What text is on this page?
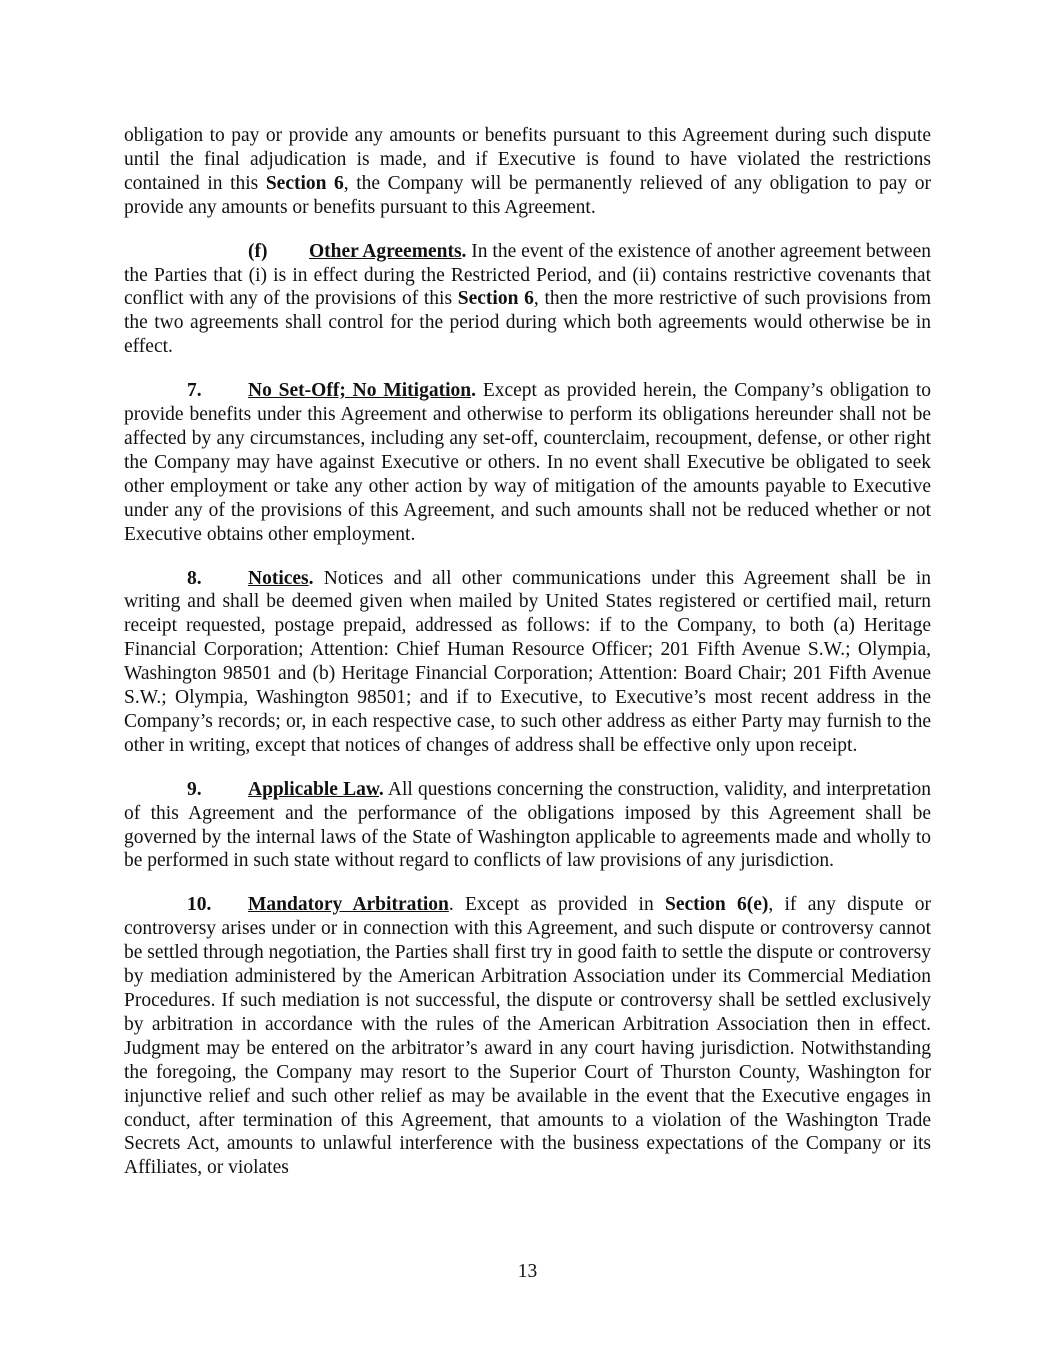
obligation to pay or provide any amounts or benefits pursuant to this Agreement during such dispute until the final adjudication is made, and if Executive is found to have violated the restrictions contained in this Section 6, the Company will be permanently relieved of any obligation to pay or provide any amounts or benefits pursuant to this Agreement.

(f) Other Agreements. In the event of the existence of another agreement between the Parties that (i) is in effect during the Restricted Period, and (ii) contains restrictive covenants that conflict with any of the provisions of this Section 6, then the more restrictive of such provisions from the two agreements shall control for the period during which both agreements would otherwise be in effect.

7. No Set-Off; No Mitigation. Except as provided herein, the Company’s obligation to provide benefits under this Agreement and otherwise to perform its obligations hereunder shall not be affected by any circumstances, including any set-off, counterclaim, recoupment, defense, or other right the Company may have against Executive or others. In no event shall Executive be obligated to seek other employment or take any other action by way of mitigation of the amounts payable to Executive under any of the provisions of this Agreement, and such amounts shall not be reduced whether or not Executive obtains other employment.

8. Notices. Notices and all other communications under this Agreement shall be in writing and shall be deemed given when mailed by United States registered or certified mail, return receipt requested, postage prepaid, addressed as follows: if to the Company, to both (a) Heritage Financial Corporation; Attention: Chief Human Resource Officer; 201 Fifth Avenue S.W.; Olympia, Washington 98501 and (b) Heritage Financial Corporation; Attention: Board Chair; 201 Fifth Avenue S.W.; Olympia, Washington 98501; and if to Executive, to Executive’s most recent address in the Company’s records; or, in each respective case, to such other address as either Party may furnish to the other in writing, except that notices of changes of address shall be effective only upon receipt.

9. Applicable Law. All questions concerning the construction, validity, and interpretation of this Agreement and the performance of the obligations imposed by this Agreement shall be governed by the internal laws of the State of Washington applicable to agreements made and wholly to be performed in such state without regard to conflicts of law provisions of any jurisdiction.

10. Mandatory Arbitration. Except as provided in Section 6(e), if any dispute or controversy arises under or in connection with this Agreement, and such dispute or controversy cannot be settled through negotiation, the Parties shall first try in good faith to settle the dispute or controversy by mediation administered by the American Arbitration Association under its Commercial Mediation Procedures. If such mediation is not successful, the dispute or controversy shall be settled exclusively by arbitration in accordance with the rules of the American Arbitration Association then in effect. Judgment may be entered on the arbitrator’s award in any court having jurisdiction. Notwithstanding the foregoing, the Company may resort to the Superior Court of Thurston County, Washington for injunctive relief and such other relief as may be available in the event that the Executive engages in conduct, after termination of this Agreement, that amounts to a violation of the Washington Trade Secrets Act, amounts to unlawful interference with the business expectations of the Company or its Affiliates, or violates

13
